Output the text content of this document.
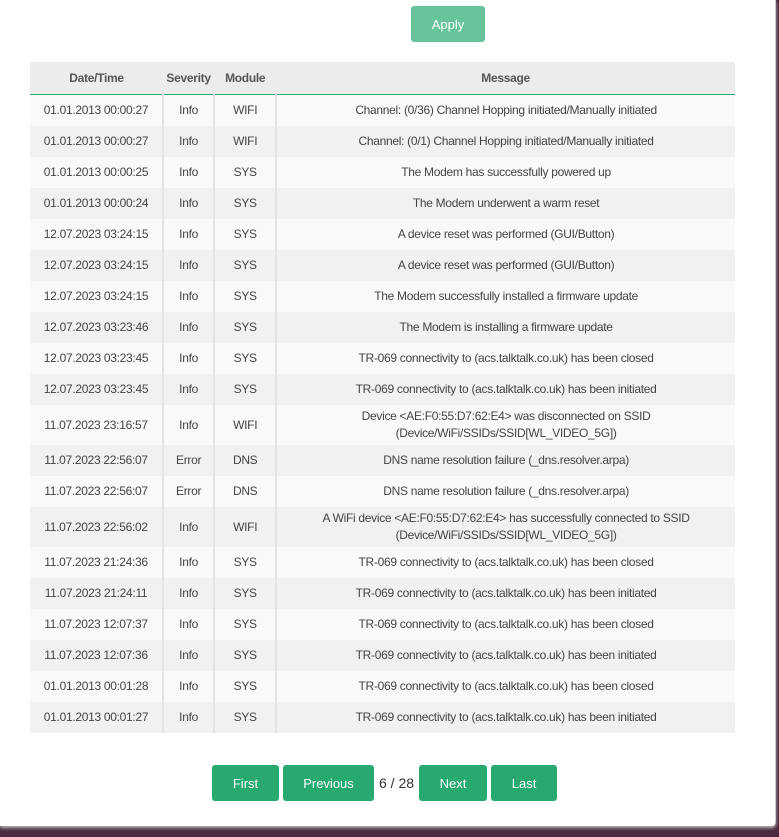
Apply
Date/Time	Severity	Module	Message
01.01.2013 00:00:27	Info	WIFI	Channel: (0/36) Channel Hopping initiated/Manually initiated
01.01.2013 00:00:27	Info	WIFI	Channel: (0/1) Channel Hopping initiated/Manually initiated
01.01.2013 00:00:25	Info	SYS	The Modem has successfully powered up
01.01.2013 00:00:24	Info	SYS	The Modem underwent a warm reset
12.07.2023 03:24:15	Info	SYS	A device reset was performed (GUI/Button)
12.07.2023 03:24:15	Info	SYS	A device reset was performed (GUI/Button)
12.07.2023 03:24:15	Info	SYS	The Modem successfully installed a firmware update
12.07.2023 03:23:46	Info	SYS	The Modem is installing a firmware update
12.07.2023 03:23:45	Info	SYS	TR-069 connectivity to (acs.talktalk.co.uk) has been closed
12.07.2023 03:23:45	Info	SYS	TR-069 connectivity to (acs.talktalk.co.uk) has been initiated
11.07.2023 23:16:57	Info	WIFI	Device <AE:F0:55:D7:62:E4> was disconnected on SSID (Device/WiFi/SSIDs/SSID[WL_VIDEO_5G])
11.07.2023 22:56:07	Error	DNS	DNS name resolution failure (_dns.resolver.arpa)
11.07.2023 22:56:07	Error	DNS	DNS name resolution failure (_dns.resolver.arpa)
11.07.2023 22:56:02	Info	WIFI	A WiFi device <AE:F0:55:D7:62:E4> has successfully connected to SSID (Device/WiFi/SSIDs/SSID[WL_VIDEO_5G])
11.07.2023 21:24:36	Info	SYS	TR-069 connectivity to (acs.talktalk.co.uk) has been closed
11.07.2023 21:24:11	Info	SYS	TR-069 connectivity to (acs.talktalk.co.uk) has been initiated
11.07.2023 12:07:37	Info	SYS	TR-069 connectivity to (acs.talktalk.co.uk) has been closed
11.07.2023 12:07:36	Info	SYS	TR-069 connectivity to (acs.talktalk.co.uk) has been initiated
01.01.2013 00:01:28	Info	SYS	TR-069 connectivity to (acs.talktalk.co.uk) has been closed
01.01.2013 00:01:27	Info	SYS	TR-069 connectivity to (acs.talktalk.co.uk) has been initiated
First	Previous	6 / 28	Next	Last
